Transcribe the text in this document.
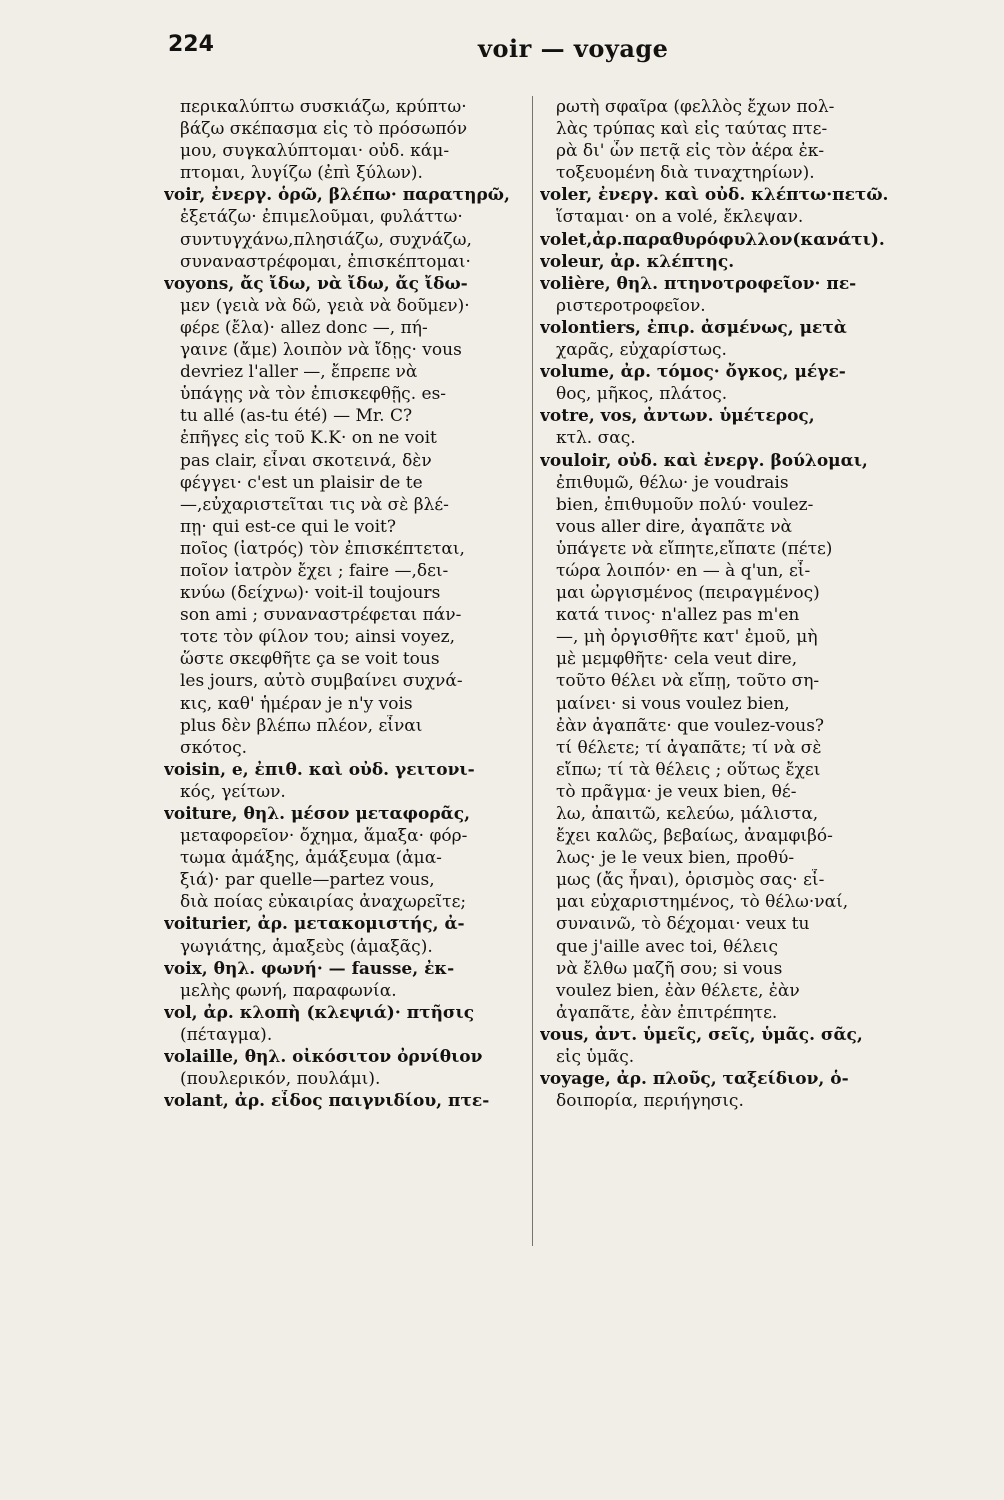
224	voir — voyage
περικαλύπτω συσκιάζω, κρύπτω·
βάζω σκέπασμα εἰς τὸ πρόσωπόν
μου, συγκαλύπτομαι· οὐδ. κάμ-
πτομαι, λυγίζω (ἐπὶ ξύλων).
voir, ἐνεργ. ὁρῶ, βλέπω· παρατηρῶ,
ἐξετάζω· ἐπιμελοῦμαι, φυλάττω·
συντυγχάνω,πλησιάζω, συχνάζω,
συναναστρέφομαι, ἐπισκέπτομαι·
voyons, ἄς ἴδω, νὰ ἴδω, ἄς ἴδω-
μεν (γειὰ νὰ δῶ, γειὰ νὰ δοῦμεν)·
φέρε (ἔλα)· allez donc —, πή-
γαινε (ἄμε) λοιπὸν νὰ ἴδῃς· vous
devriez l'aller —, ἔπρεπε νὰ
ὑπάγῃς νὰ τὸν ἐπισκεφθῇς. es-
tu allé (as-tu été) — Mr. C?
ἐπῆγες εἰς τοῦ Κ.Κ· on ne voit
pas clair, εἶναι σκοτεινά, δὲν
φέγγει· c'est un plaisir de te
—,εὐχαριστεῖται τις νὰ σὲ βλέ-
πῃ· qui est-ce qui le voit?
ποῖος (ἰατρός) τὸν ἐπισκέπτεται,
ποῖον ἰατρὸν ἔχει ; faire —,δει-
κνύω (δείχνω)· voit-il toujours
son ami ; συναναστρέφεται πάν-
τοτε τὸν φίλον του; ainsi voyez,
ὥστε σκεφθῆτε ça se voit tous
les jours, αὐτὸ συμβαίνει συχνά-
κις, καθ' ἡμέραν je n'y vois
plus δὲν βλέπω πλέον, εἶναι
σκότος.
voisin, e, ἐπιθ. καὶ οὐδ. γειτονι-
κός, γείτων.
voiture, θηλ. μέσον μεταφορᾶς,
μεταφορεῖον· ὄχημα, ἅμαξα· φόρ-
τωμα ἁμάξης, ἁμάξευμα (ἀμα-
ξιά)· par quelle—partez vous,
διὰ ποίας εὐκαιρίας ἀναχωρεῖτε;
voiturier, ἀρ. μετακομιστής, ἀ-
γωγιάτης, ἁμαξεὺς (ἁμαξᾶς).
voix, θηλ. φωνή· — fausse, ἐκ-
μελὴς φωνή, παραφωνία.
vol, ἀρ. κλοπὴ (κλεψιά)· πτῆσις
(πέταγμα).
volaille, θηλ. οἰκόσιτον ὀρνίθιον
(πουλερικόν, πουλάμι).
volant, ἀρ. εἶδος παιγνιδίου, πτε-
ρωτὴ σφαῖρα (φελλὸς ἔχων πολ-
λὰς τρύπας καὶ εἰς ταύτας πτε-
ρὰ δι' ὧν πετᾷ εἰς τὸν ἀέρα ἐκ-
τοξευομένη διὰ τιναχτηρίων).
voler, ἐνεργ. καὶ οὐδ. κλέπτω·πετῶ.
ἵσταμαι· on a volé, ἔκλεψαν.
volet,ἀρ.παραθυρόφυλλον(κανάτι).
voleur, ἀρ. κλέπτης.
volière, θηλ. πτηνοτροφεῖον· πε-
ριστεροτροφεῖον.
volontiers, ἐπιρ. ἀσμένως, μετὰ
χαρᾶς, εὐχαρίστως.
volume, ἀρ. τόμος· ὄγκος, μέγε-
θος, μῆκος, πλάτος.
votre, vos, ἀντων. ὑμέτερος,
κτλ. σας.
vouloir, οὐδ. καὶ ἐνεργ. βούλομαι,
ἐπιθυμῶ, θέλω· je voudrais
bien, ἐπιθυμοῦν πολύ· voulez-
vous aller dire, ἀγαπᾶτε νὰ
ὑπάγετε νὰ εἴπητε,εἴπατε (πέτε)
τώρα λοιπόν· en — à q'un, εἶ-
μαι ὠργισμένος (πειραγμένος)
κατά τινος· n'allez pas m'en
—, μὴ ὀργισθῆτε κατ' ἐμοῦ, μὴ
μὲ μεμφθῆτε· cela veut dire,
τοῦτο θέλει νὰ εἴπῃ, τοῦτο ση-
μαίνει· si vous voulez bien,
ἐὰν ἀγαπᾶτε· que voulez-vous?
τί θέλετε; τί ἀγαπᾶτε; τί νὰ σὲ
εἴπω; τί τὰ θέλεις ; οὕτως ἔχει
τὸ πρᾶγμα· je veux bien, θέ-
λω, ἀπαιτῶ, κελεύω, μάλιστα,
ἔχει καλῶς, βεβαίως, ἀναμφιβό-
λως· je le veux bien, προθύ-
μως (ἄς ἦναι), ὁρισμὸς σας· εἶ-
μαι εὐχαριστημένος, τὸ θέλω·ναί,
συναινῶ, τὸ δέχομαι· veux tu
que j'aille avec toi, θέλεις
νὰ ἔλθω μαζῆ σου; si vous
voulez bien, ἐὰν θέλετε, ἐὰν
ἀγαπᾶτε, ἐὰν ἐπιτρέπητε.
vous, ἀντ. ὑμεῖς, σεῖς, ὑμᾶς. σᾶς,
εἰς ὑμᾶς.
voyage, ἀρ. πλοῦς, ταξείδιον, ὁ-
δοιπορία, περιήγησις.
